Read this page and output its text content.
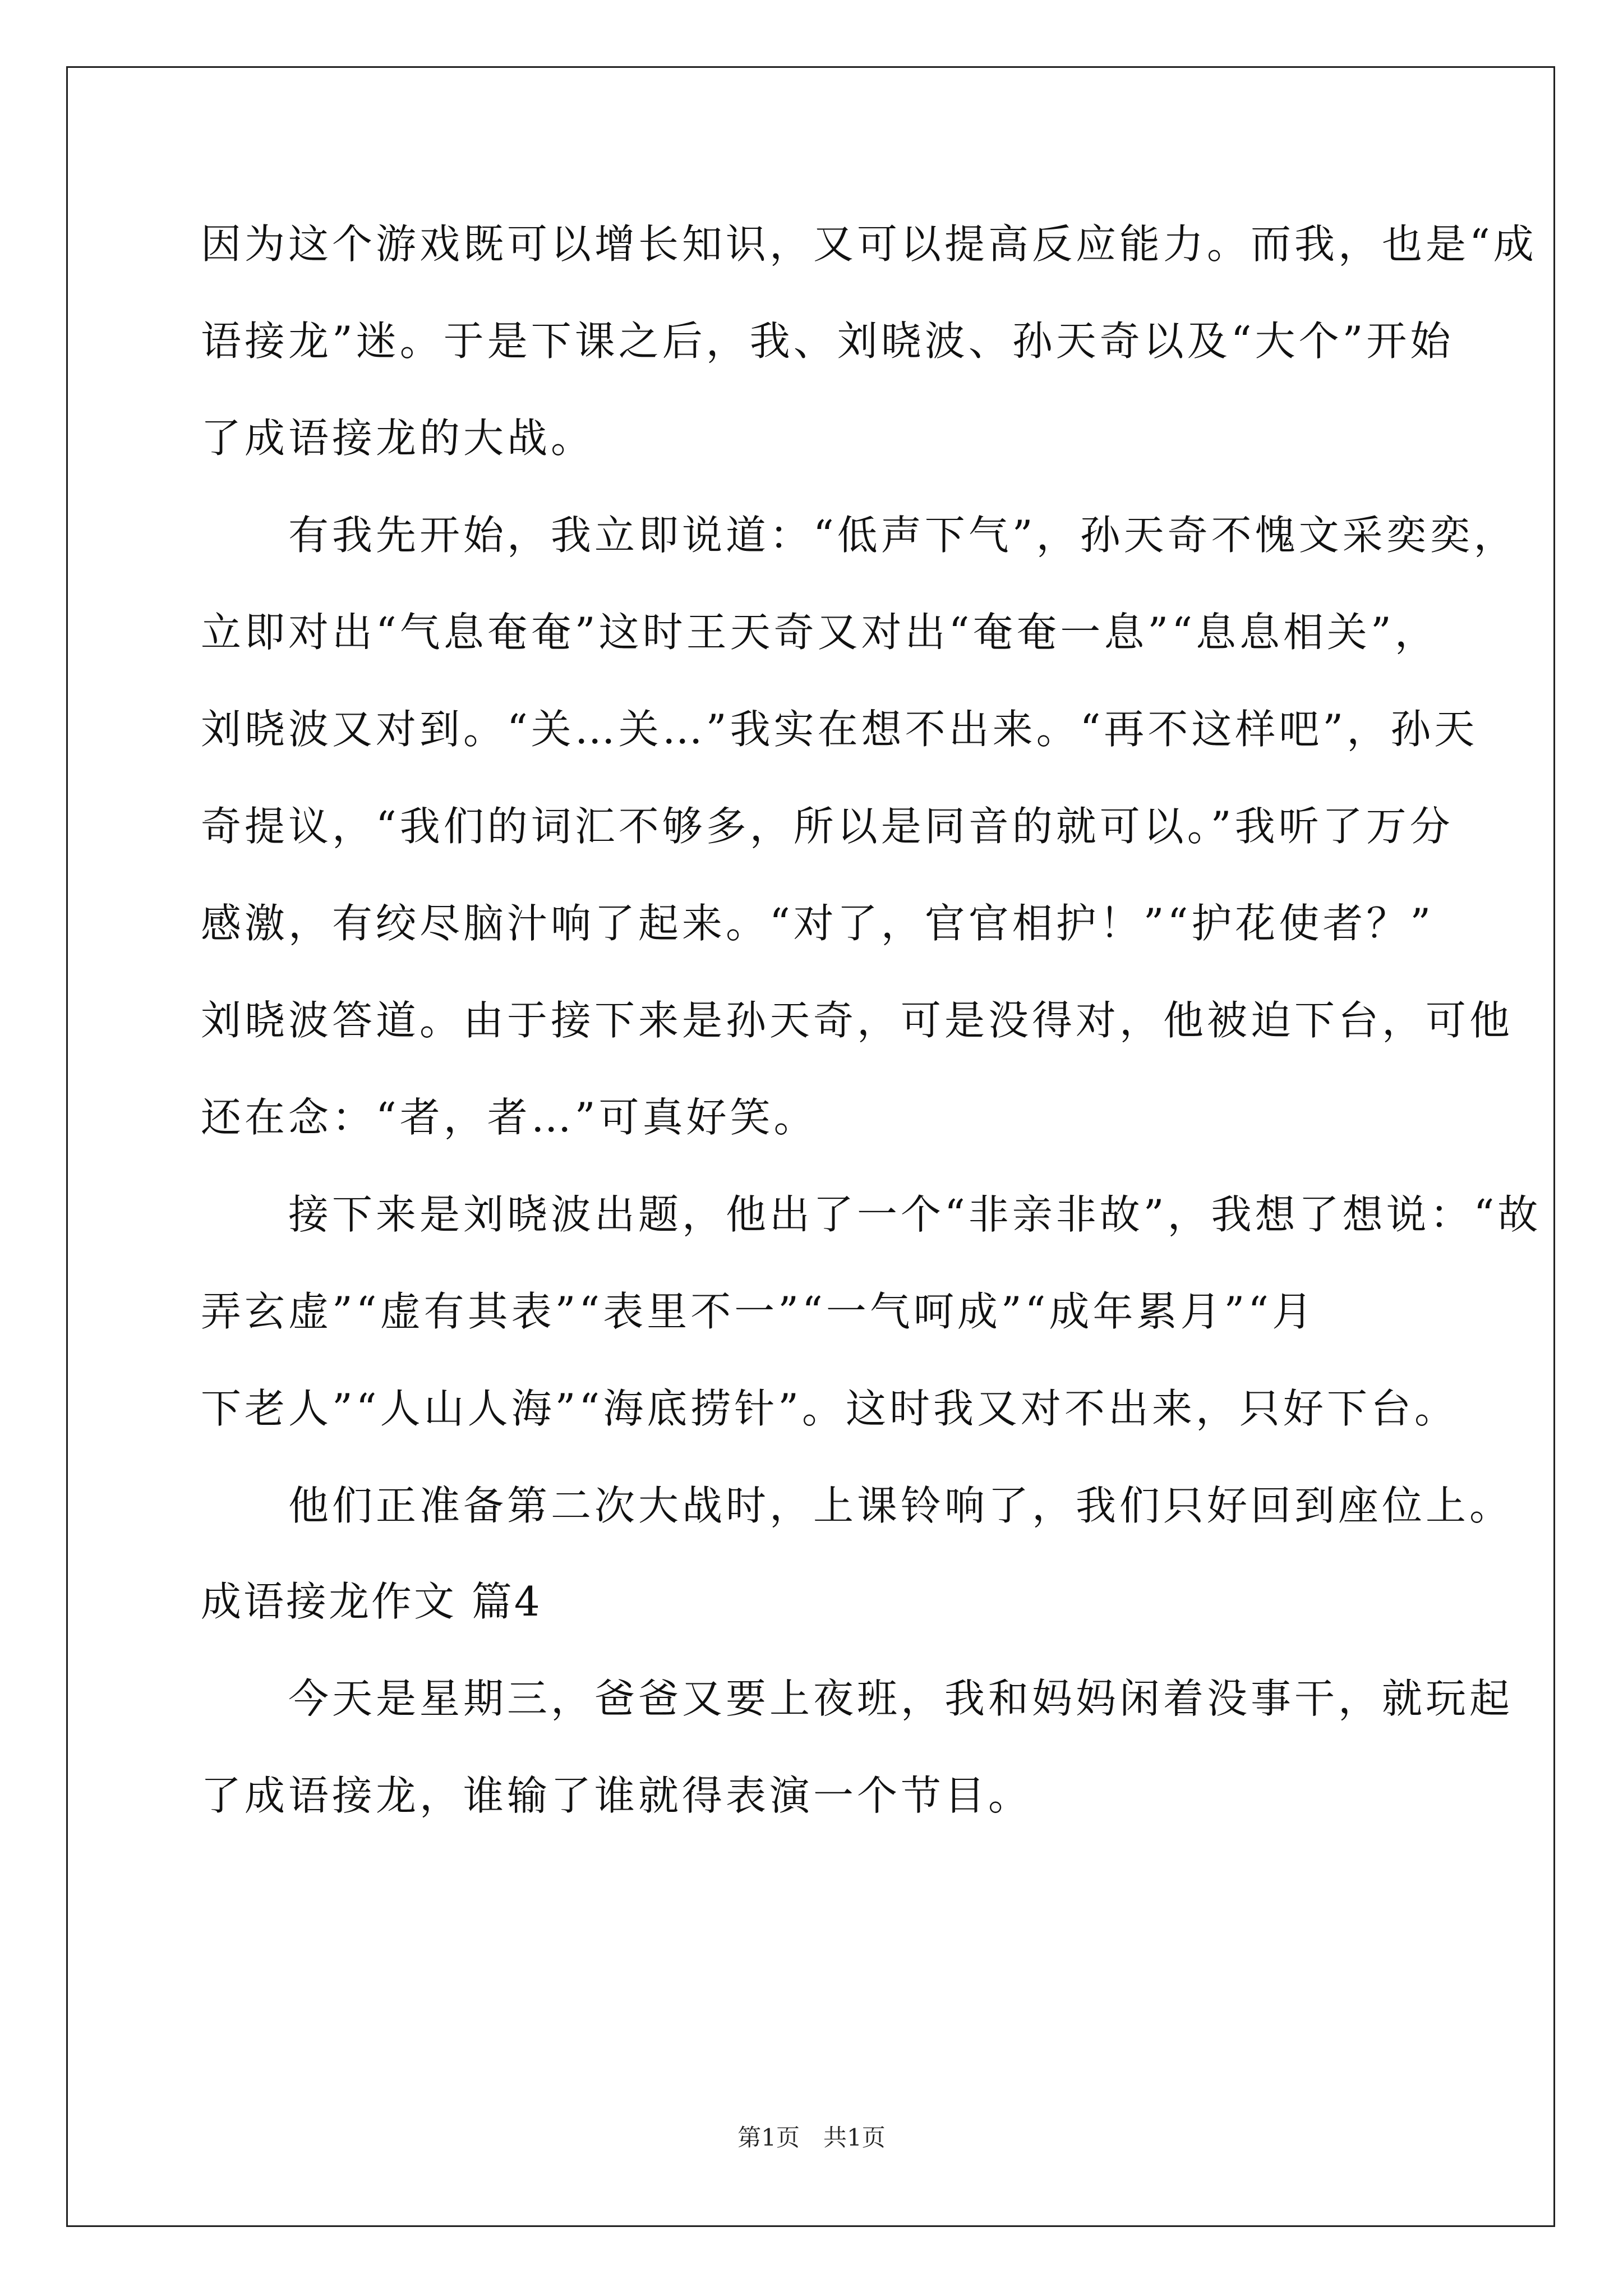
因为这个游戏既可以增长知识，又可以提高反应能力。而我，也是“成
语接龙”迷。于是下课之后，我、刘晓波、孙天奇以及“大个”开始
了成语接龙的大战。
　　有我先开始，我立即说道：“低声下气”，孙天奇不愧文采奕奕，
立即对出“气息奄奄”这时王天奇又对出“奄奄一息”“息息相关”，
刘晓波又对到。“关…关…”我实在想不出来。“再不这样吧”，孙天
奇提议，“我们的词汇不够多，所以是同音的就可以。”我听了万分
感激，有绞尽脑汁响了起来。“对了，官官相护！”“护花使者？”
刘晓波答道。由于接下来是孙天奇，可是没得对，他被迫下台，可他
还在念：“者，者…”可真好笑。
　　接下来是刘晓波出题，他出了一个“非亲非故”，我想了想说：“故
弄玄虚”“虚有其表”“表里不一”“一气呵成”“成年累月”“月
下老人”“人山人海”“海底捞针”。这时我又对不出来，只好下台。
　　他们正准备第二次大战时，上课铃响了，我们只好回到座位上。
成语接龙作文 篇4
　　今天是星期三，爸爸又要上夜班，我和妈妈闲着没事干，就玩起
了成语接龙，谁输了谁就得表演一个节目。
第1页　共1页
